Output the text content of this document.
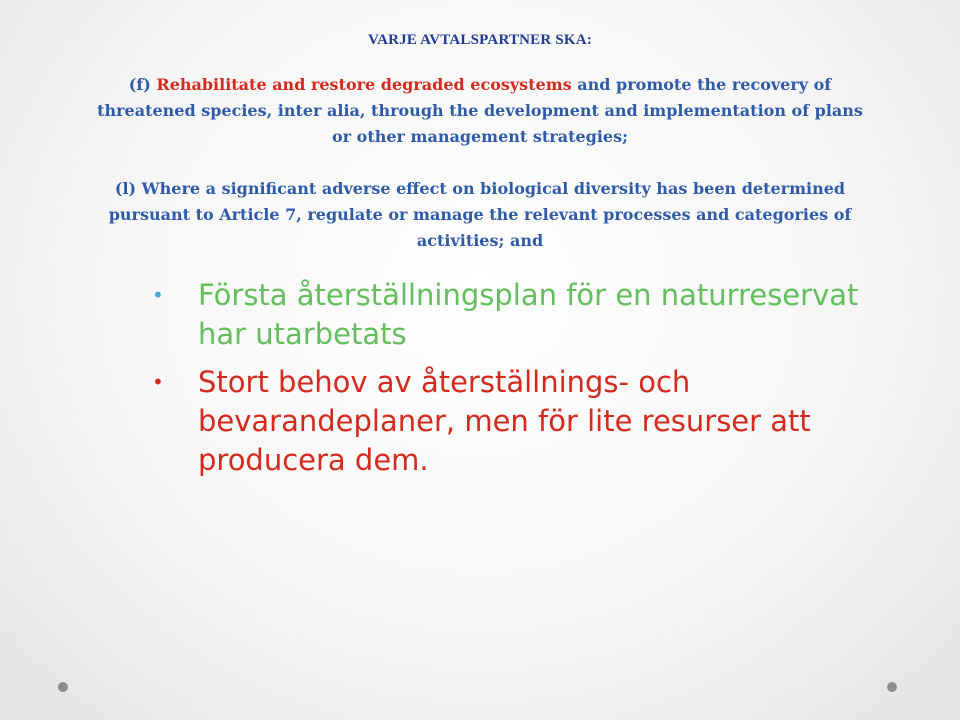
VARJE AVTALSPARTNER SKA:
(f) Rehabilitate and restore degraded ecosystems and promote the recovery of threatened species, inter alia, through the development and implementation of plans or other management strategies;
(l) Where a significant adverse effect on biological diversity has been determined pursuant to Article 7, regulate or manage the relevant processes and categories of activities; and
• Första återställningsplan för en naturreservat har utarbetats
• Stort behov av återställnings- och bevarandeplaner, men för lite resurser att producera dem.
